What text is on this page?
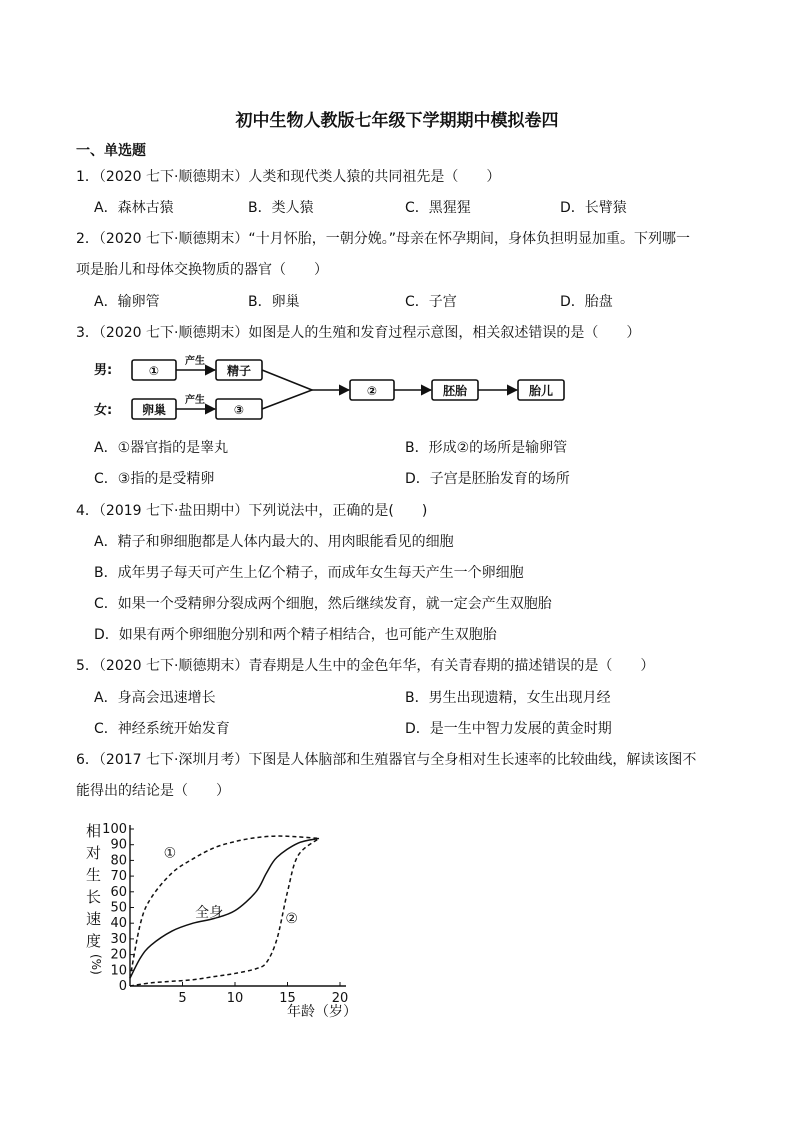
初中生物人教版七年级下学期期中模拟卷四
一、单选题
1．（2020 七下·顺德期末）人类和现代类人猿的共同祖先是（　　）
A．森林古猿	B．类人猿	C．黑猩猩	D．长臂猿
2．（2020 七下·顺德期末）“十月怀胎，一朝分娩。”母亲在怀孕期间，身体负担明显加重。下列哪一
项是胎儿和母体交换物质的器官（　　）
A．输卵管	B．卵巢	C．子宫	D．胎盘
3．（2020 七下·顺德期末）如图是人的生殖和发育过程示意图，相关叙述错误的是（　　）
男:
女:
①	精子
卵巢	③
②	胚胎	胎儿
产生
产生
A．①器官指的是睾丸	B．形成②的场所是输卵管
C．③指的是受精卵	D．子宫是胚胎发育的场所
4．（2019 七下·盐田期中）下列说法中，正确的是(　　)
A．精子和卵细胞都是人体内最大的、用肉眼能看见的细胞
B．成年男子每天可产生上亿个精子，而成年女生每天产生一个卵细胞
C．如果一个受精卵分裂成两个细胞，然后继续发育，就一定会产生双胞胎
D．如果有两个卵细胞分别和两个精子相结合，也可能产生双胞胎
5．（2020 七下·顺德期末）青春期是人生中的金色年华，有关青春期的描述错误的是（　　）
A．身高会迅速增长	B．男生出现遗精，女生出现月经
C．神经系统开始发育	D．是一生中智力发展的黄金时期
6．（2017 七下·深圳月考）下图是人体脑部和生殖器官与全身相对生长速率的比较曲线，解读该图不
能得出的结论是（　　）
相
对
生
长
速
度
(%)
0
10
20
30
40
50
60
70
80
90
100
5	10	15	20
①
全身	②
年龄（岁）
